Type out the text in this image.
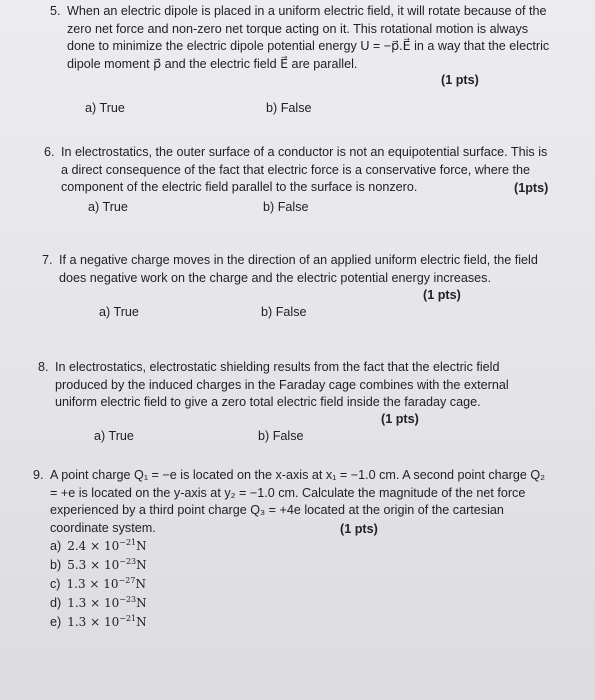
5. When an electric dipole is placed in a uniform electric field, it will rotate because of the zero net force and non-zero net torque acting on it. This rotational motion is always done to minimize the electric dipole potential energy U = −p⃗.E⃗ in a way that the electric dipole moment p⃗ and the electric field E⃗ are parallel.
(1 pts)
a) True	b) False
6. In electrostatics, the outer surface of a conductor is not an equipotential surface. This is a direct consequence of the fact that electric force is a conservative force, where the component of the electric field parallel to the surface is nonzero.	(1pts)
a) True	b) False
7. If a negative charge moves in the direction of an applied uniform electric field, the field does negative work on the charge and the electric potential energy increases.
(1 pts)
a) True	b) False
8. In electrostatics, electrostatic shielding results from the fact that the electric field produced by the induced charges in the Faraday cage combines with the external uniform electric field to give a zero total electric field inside the faraday cage.
(1 pts)
a) True	b) False
9. A point charge Q₁ = −e is located on the x-axis at x₁ = −1.0 cm. A second point charge Q₂ = +e is located on the y-axis at y₂ = −1.0 cm. Calculate the magnitude of the net force experienced by a third point charge Q₃ = +4e located at the origin of the cartesian coordinate system.	(1 pts)
a) $2.4 \times 10^{-21}N$
b) $5.3 \times 10^{-23}N$
c) $1.3 \times 10^{-27}N$
d) $1.3 \times 10^{-23}N$
e) $1.3 \times 10^{-21}N$
